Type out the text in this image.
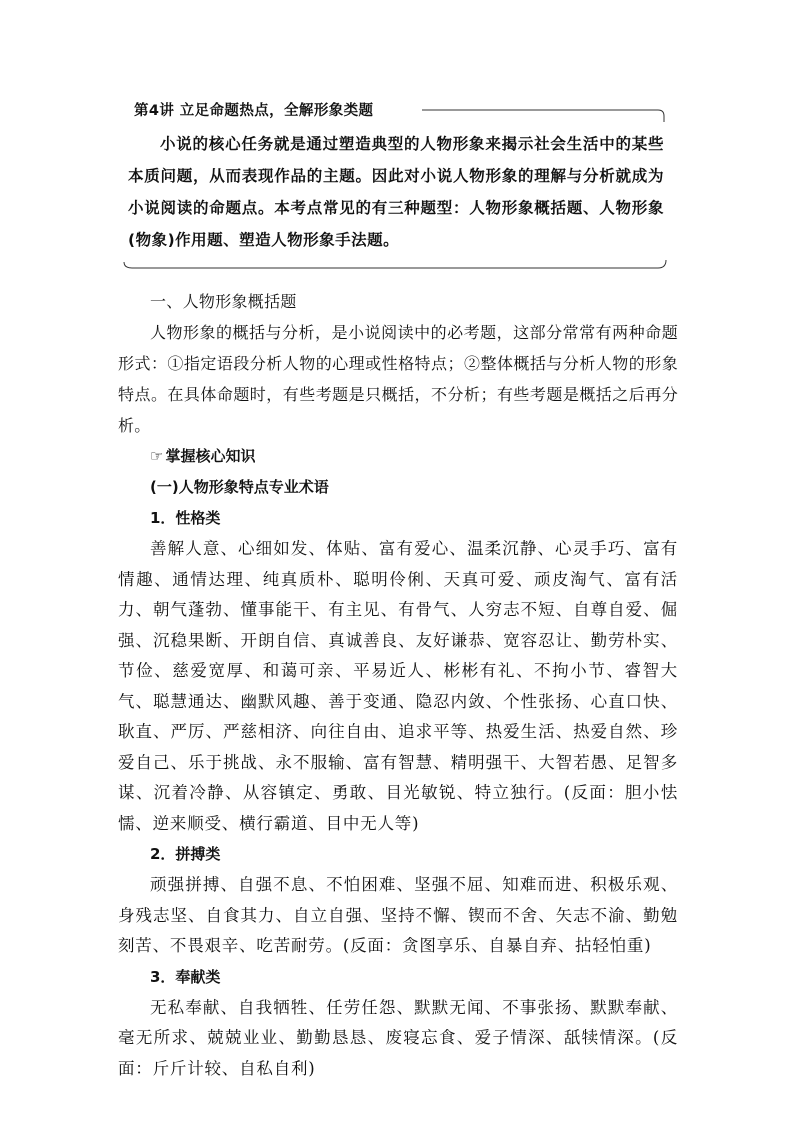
第4讲 立足命题热点，全解形象类题

小说的核心任务就是通过塑造典型的人物形象来揭示社会生活中的某些本质问题，从而表现作品的主题。因此对小说人物形象的理解与分析就成为小说阅读的命题点。本考点常见的有三种题型：人物形象概括题、人物形象(物象)作用题、塑造人物形象手法题。

一、人物形象概括题

人物形象的概括与分析，是小说阅读中的必考题，这部分常常有两种命题形式：①指定语段分析人物的心理或性格特点；②整体概括与分析人物的形象特点。在具体命题时，有些考题是只概括，不分析；有些考题是概括之后再分析。

☞ 掌握核心知识

(一)人物形象特点专业术语

1．性格类

善解人意、心细如发、体贴、富有爱心、温柔沉静、心灵手巧、富有情趣、通情达理、纯真质朴、聪明伶俐、天真可爱、顽皮淘气、富有活力、朝气蓬勃、懂事能干、有主见、有骨气、人穷志不短、自尊自爱、倔强、沉稳果断、开朗自信、真诚善良、友好谦恭、宽容忍让、勤劳朴实、节俭、慈爱宽厚、和蔼可亲、平易近人、彬彬有礼、不拘小节、睿智大气、聪慧通达、幽默风趣、善于变通、隐忍内敛、个性张扬、心直口快、耿直、严厉、严慈相济、向往自由、追求平等、热爱生活、热爱自然、珍爱自己、乐于挑战、永不服输、富有智慧、精明强干、大智若愚、足智多谋、沉着冷静、从容镇定、勇敢、目光敏锐、特立独行。(反面：胆小怯懦、逆来顺受、横行霸道、目中无人等)

2．拼搏类

顽强拼搏、自强不息、不怕困难、坚强不屈、知难而进、积极乐观、身残志坚、自食其力、自立自强、坚持不懈、锲而不舍、矢志不渝、勤勉刻苦、不畏艰辛、吃苦耐劳。(反面：贪图享乐、自暴自弃、拈轻怕重)

3．奉献类

无私奉献、自我牺牲、任劳任怨、默默无闻、不事张扬、默默奉献、毫无所求、兢兢业业、勤勤恳恳、废寝忘食、爱子情深、舐犊情深。(反面：斤斤计较、自私自利)
